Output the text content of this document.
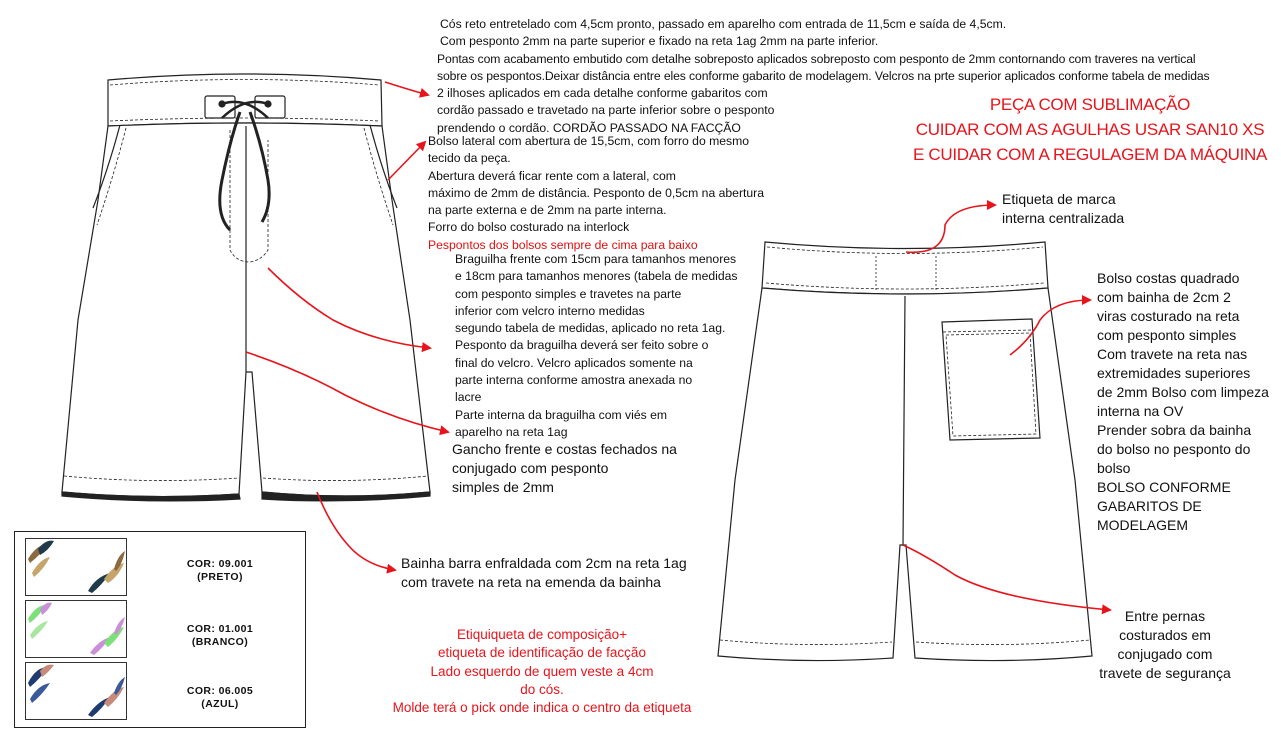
Cós reto entretelado com 4,5cm pronto, passado em aparelho com entrada de 11,5cm e saída de 4,5cm.
Com pesponto 2mm na parte superior e fixado na reta 1ag 2mm na parte inferior.
Pontas com acabamento embutido com detalhe sobreposto aplicados sobreposto com pesponto de 2mm contornando com traveres na vertical
sobre os pespontos.Deixar distância entre eles conforme gabarito de modelagem. Velcros na prte superior aplicados conforme tabela de medidas
2 ilhoses aplicados em cada detalhe conforme gabaritos com
cordão passado e travetado na parte inferior sobre o pesponto
prendendo o cordão. CORDÃO PASSADO NA FACÇÃO
Bolso lateral com abertura de 15,5cm, com forro do mesmo
tecido da peça.
Abertura deverá ficar rente com a lateral, com
máximo de 2mm de distância. Pesponto de 0,5cm na abertura
na parte externa e de 2mm na parte interna.
Forro do bolso costurado na interlock
Pespontos dos bolsos sempre de cima para baixo
Braguilha frente com 15cm para tamanhos menores
e 18cm para tamanhos menores (tabela de medidas
com pesponto simples e travetes na parte
inferior com velcro interno medidas
segundo tabela de medidas, aplicado no reta 1ag.
Pesponto da braguilha deverá ser feito sobre o
final do velcro. Velcro aplicados somente na
parte interna conforme amostra anexada no
lacre
Parte interna da braguilha com viés em
aparelho na reta 1ag
Gancho frente e costas fechados na
conjugado com pesponto
simples de 2mm
Bainha barra enfraldada com 2cm na reta 1ag
com travete na reta na emenda da bainha
PEÇA COM SUBLIMAÇÃO
CUIDAR COM AS AGULHAS USAR SAN10 XS
E CUIDAR COM A REGULAGEM DA MÁQUINA
Etiqueta de marca
interna centralizada
Bolso costas quadrado
com bainha de 2cm 2
viras costurado na reta
com pesponto simples
Com travete na reta nas
extremidades superiores
de 2mm Bolso com limpeza
interna na OV
Prender sobra da bainha
do bolso no pesponto do
bolso
BOLSO CONFORME
GABARITOS DE
MODELAGEM
Entre pernas
costurados em
conjugado com
travete de segurança
Etiquiqueta de composição+
etiqueta de identificação de facção
Lado esquerdo de quem veste a 4cm
do cós.
Molde terá o pick onde indica o centro da etiqueta
COR: 09.001
(PRETO)
COR: 01.001
(BRANCO)
COR: 06.005
(AZUL)
